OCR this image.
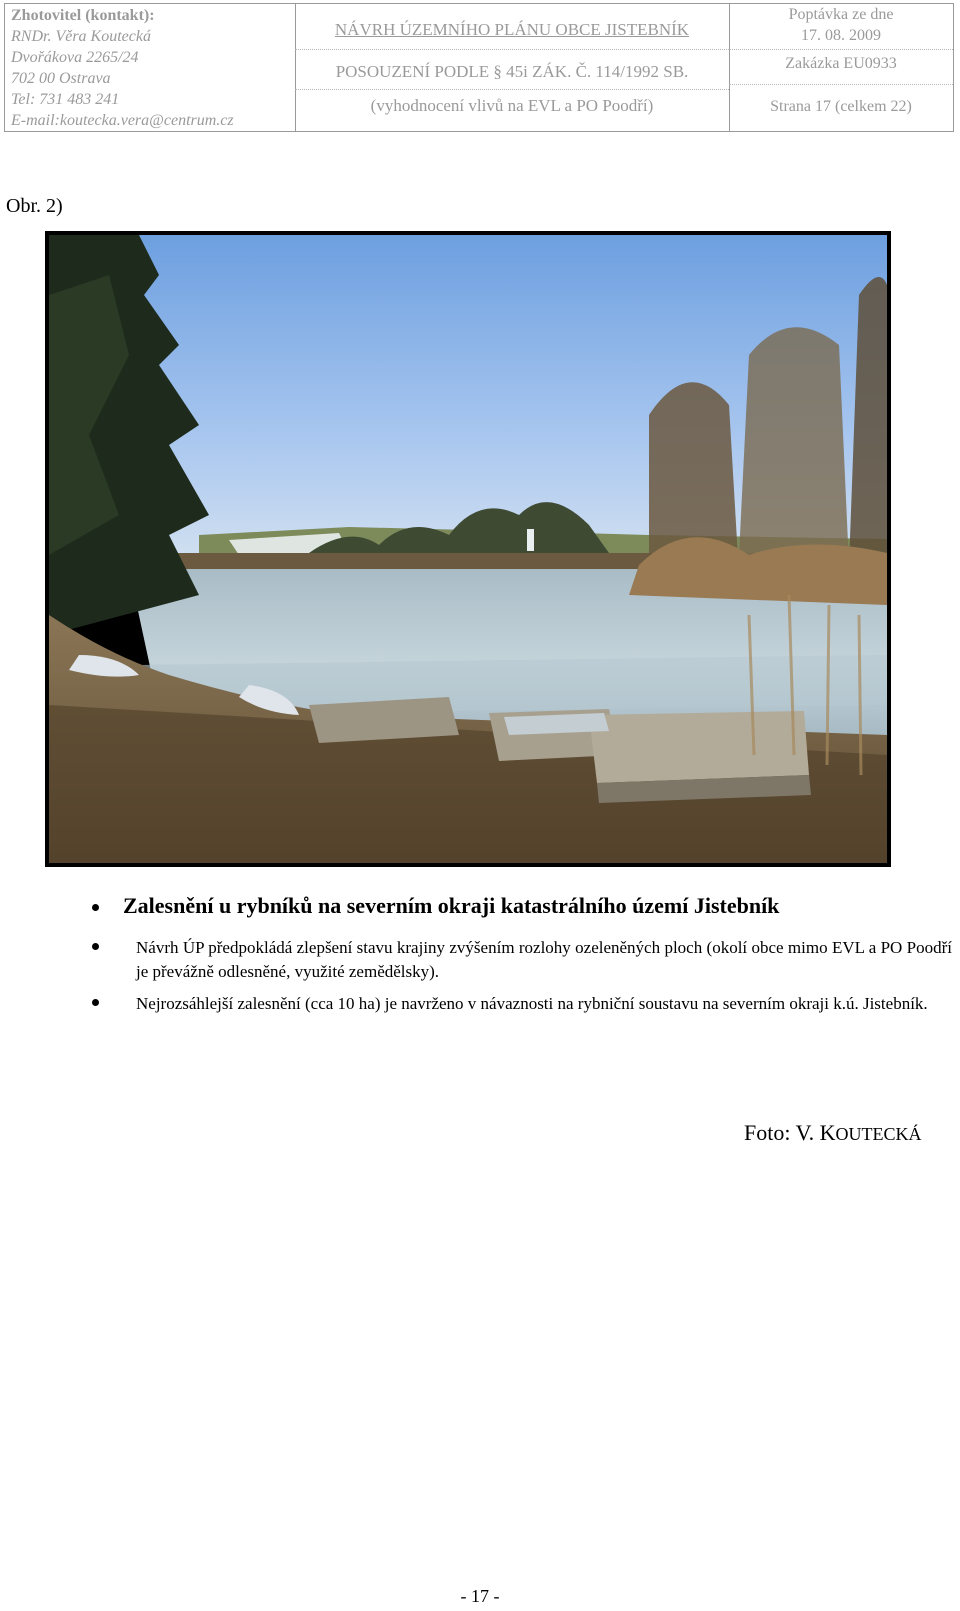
Zhotovitel (kontakt):
RNDr. Věra Koutecká
Dvořákova 2265/24
702 00 Ostrava
Tel: 731 483 241
E-mail:koutecka.vera@centrum.cz
NÁVRH ÚZEMNÍHO PLÁNU OBCE JISTEBNÍK
POSOUZENÍ PODLE § 45i ZÁK. Č. 114/1992 SB.
(vyhodnocení vlivů na EVL a PO Poodří)
Poptávka ze dne
17. 08. 2009
Zakázka EU0933
Strana 17 (celkem 22)
Obr. 2)
Zalesnění u rybníků na severním okraji katastrálního území Jistebník
Návrh ÚP předpokládá zlepšení stavu krajiny zvýšením rozlohy ozeleněných ploch (okolí obce mimo EVL a PO Poodří je převážně odlesněné, využité zemědělsky).
Nejrozsáhlejší zalesnění (cca 10 ha) je navrženo v návaznosti na rybniční soustavu na severním okraji k.ú. Jistebník.
Foto: V. KOUTECKÁ
- 17 -
